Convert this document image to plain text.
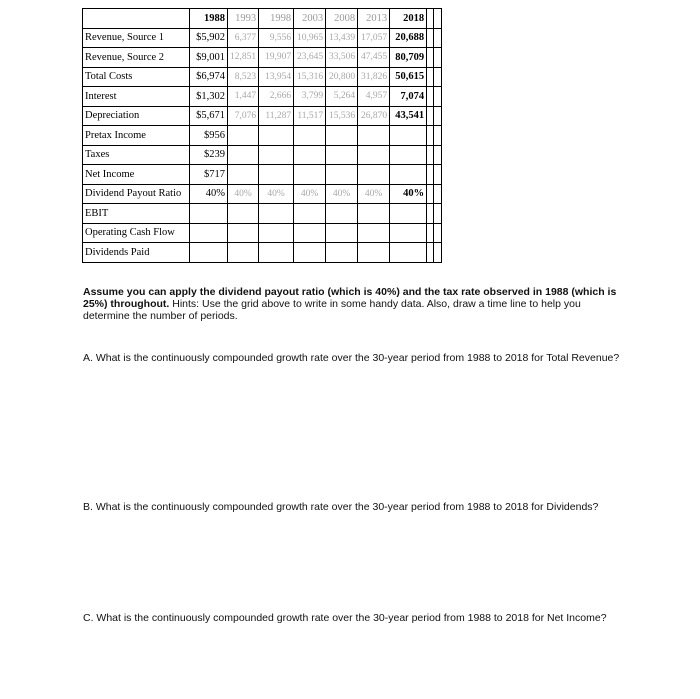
	1988	1993	1998	2003	2008	2013	2018		
Revenue, Source 1	$5,902	6,377	9,556	10,965	13,439	17,057	20,688		
Revenue, Source 2	$9,001	12,851	19,907	23,645	33,506	47,455	80,709		
Total Costs	$6,974	8,523	13,954	15,316	20,800	31,826	50,615		
Interest	$1,302	1,447	2,666	3,799	5,264	4,957	7,074		
Depreciation	$5,671	7,076	11,287	11,517	15,536	26,870	43,541		
Pretax Income	$956								
Taxes	$239								
Net Income	$717								
Dividend Payout Ratio	40%	40%	40%	40%	40%	40%	40%		
EBIT									
Operating Cash Flow									
Dividends Paid									

Assume you can apply the dividend payout ratio (which is 40%) and the tax rate observed in 1988 (which is 25%) throughout. Hints: Use the grid above to write in some handy data. Also, draw a time line to help you determine the number of periods.

A. What is the continuously compounded growth rate over the 30-year period from 1988 to 2018 for Total Revenue?

B. What is the continuously compounded growth rate over the 30-year period from 1988 to 2018 for Dividends?

C. What is the continuously compounded growth rate over the 30-year period from 1988 to 2018 for Net Income?
